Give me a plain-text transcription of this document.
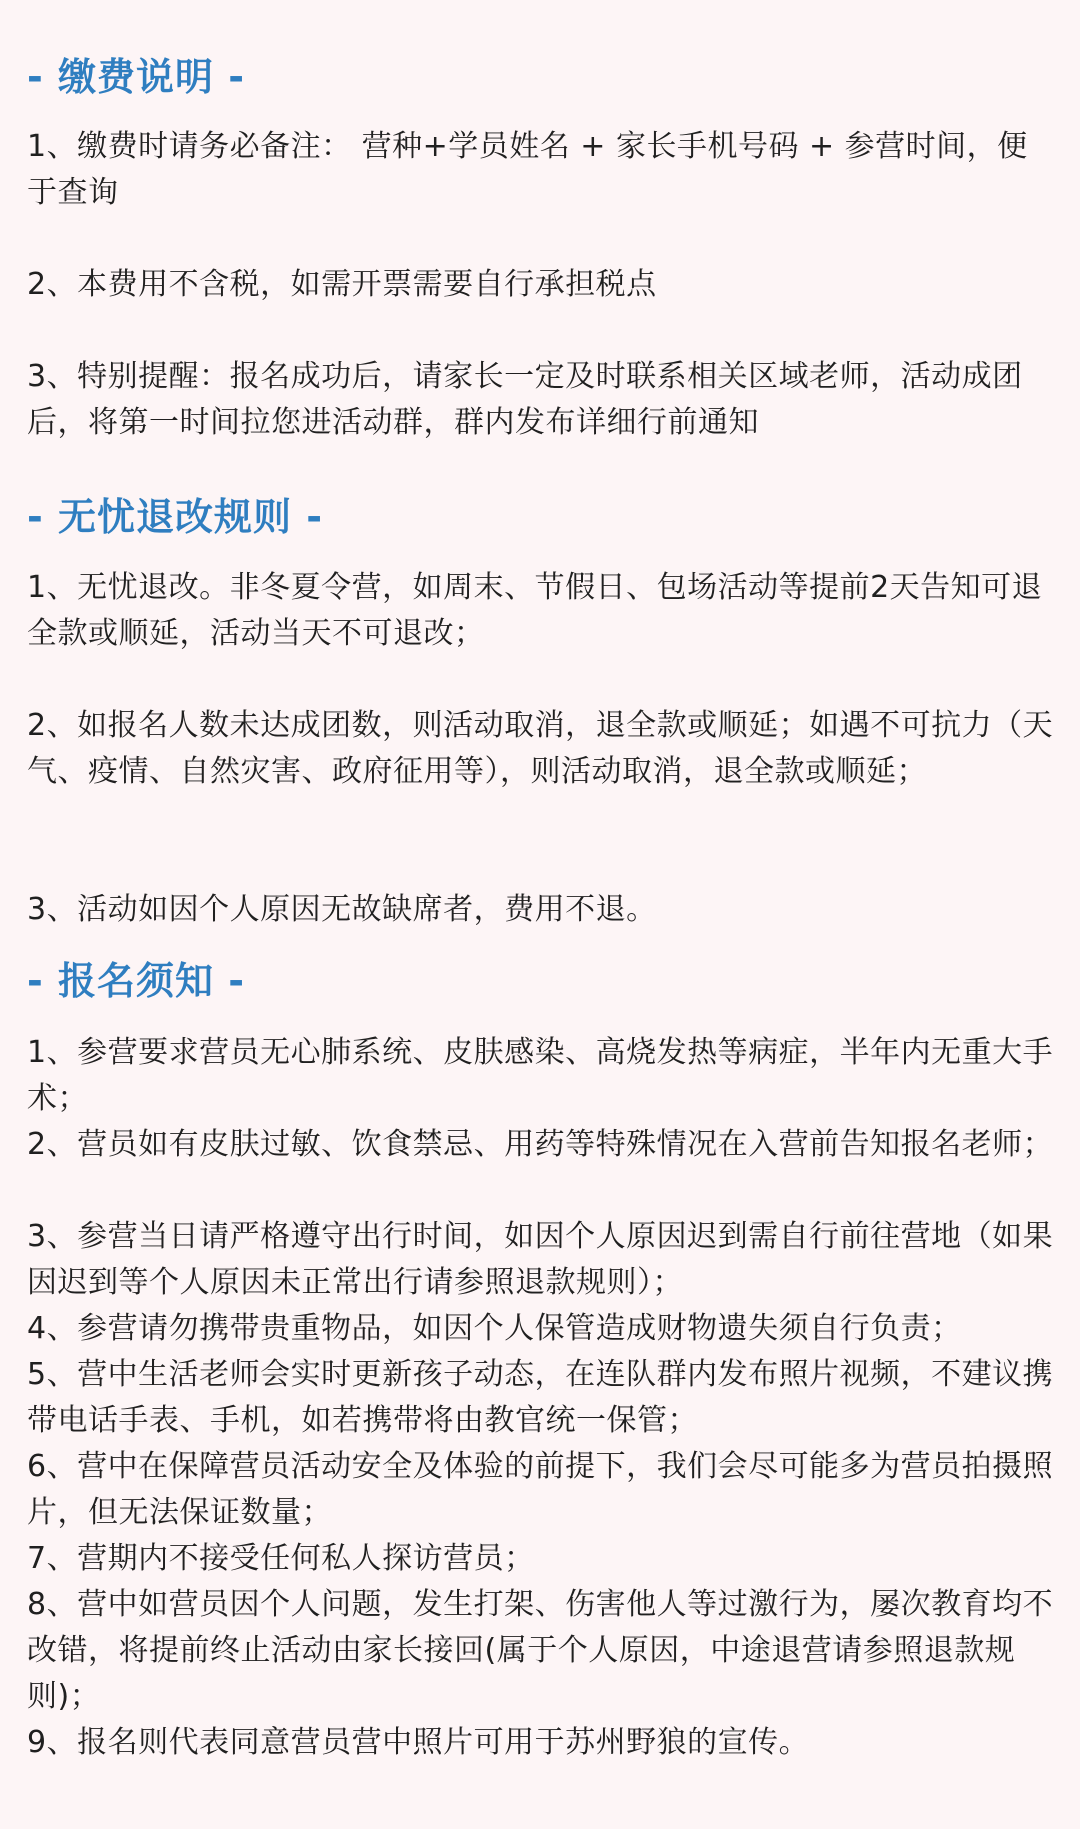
- 缴费说明 -
1、缴费时请务必备注： 营种+学员姓名 + 家长手机号码 + 参营时间，便于查询
2、本费用不含税，如需开票需要自行承担税点
3、特别提醒：报名成功后，请家长一定及时联系相关区域老师，活动成团后，将第一时间拉您进活动群，群内发布详细行前通知
- 无忧退改规则 -
1、无忧退改。非冬夏令营，如周末、节假日、包场活动等提前2天告知可退全款或顺延，活动当天不可退改；
2、如报名人数未达成团数，则活动取消，退全款或顺延；如遇不可抗力（天气、疫情、自然灾害、政府征用等），则活动取消，退全款或顺延；
3、活动如因个人原因无故缺席者，费用不退。
- 报名须知 -
1、参营要求营员无心肺系统、皮肤感染、高烧发热等病症，半年内无重大手术；
2、营员如有皮肤过敏、饮食禁忌、用药等特殊情况在入营前告知报名老师；
3、参营当日请严格遵守出行时间，如因个人原因迟到需自行前往营地（如果因迟到等个人原因未正常出行请参照退款规则）；
4、参营请勿携带贵重物品，如因个人保管造成财物遗失须自行负责；
5、营中生活老师会实时更新孩子动态，在连队群内发布照片视频，不建议携带电话手表、手机，如若携带将由教官统一保管；
6、营中在保障营员活动安全及体验的前提下，我们会尽可能多为营员拍摄照片，但无法保证数量；
7、营期内不接受任何私人探访营员；
8、营中如营员因个人问题，发生打架、伤害他人等过激行为，屡次教育均不改错，将提前终止活动由家长接回(属于个人原因，中途退营请参照退款规则)；
9、报名则代表同意营员营中照片可用于苏州野狼的宣传。
